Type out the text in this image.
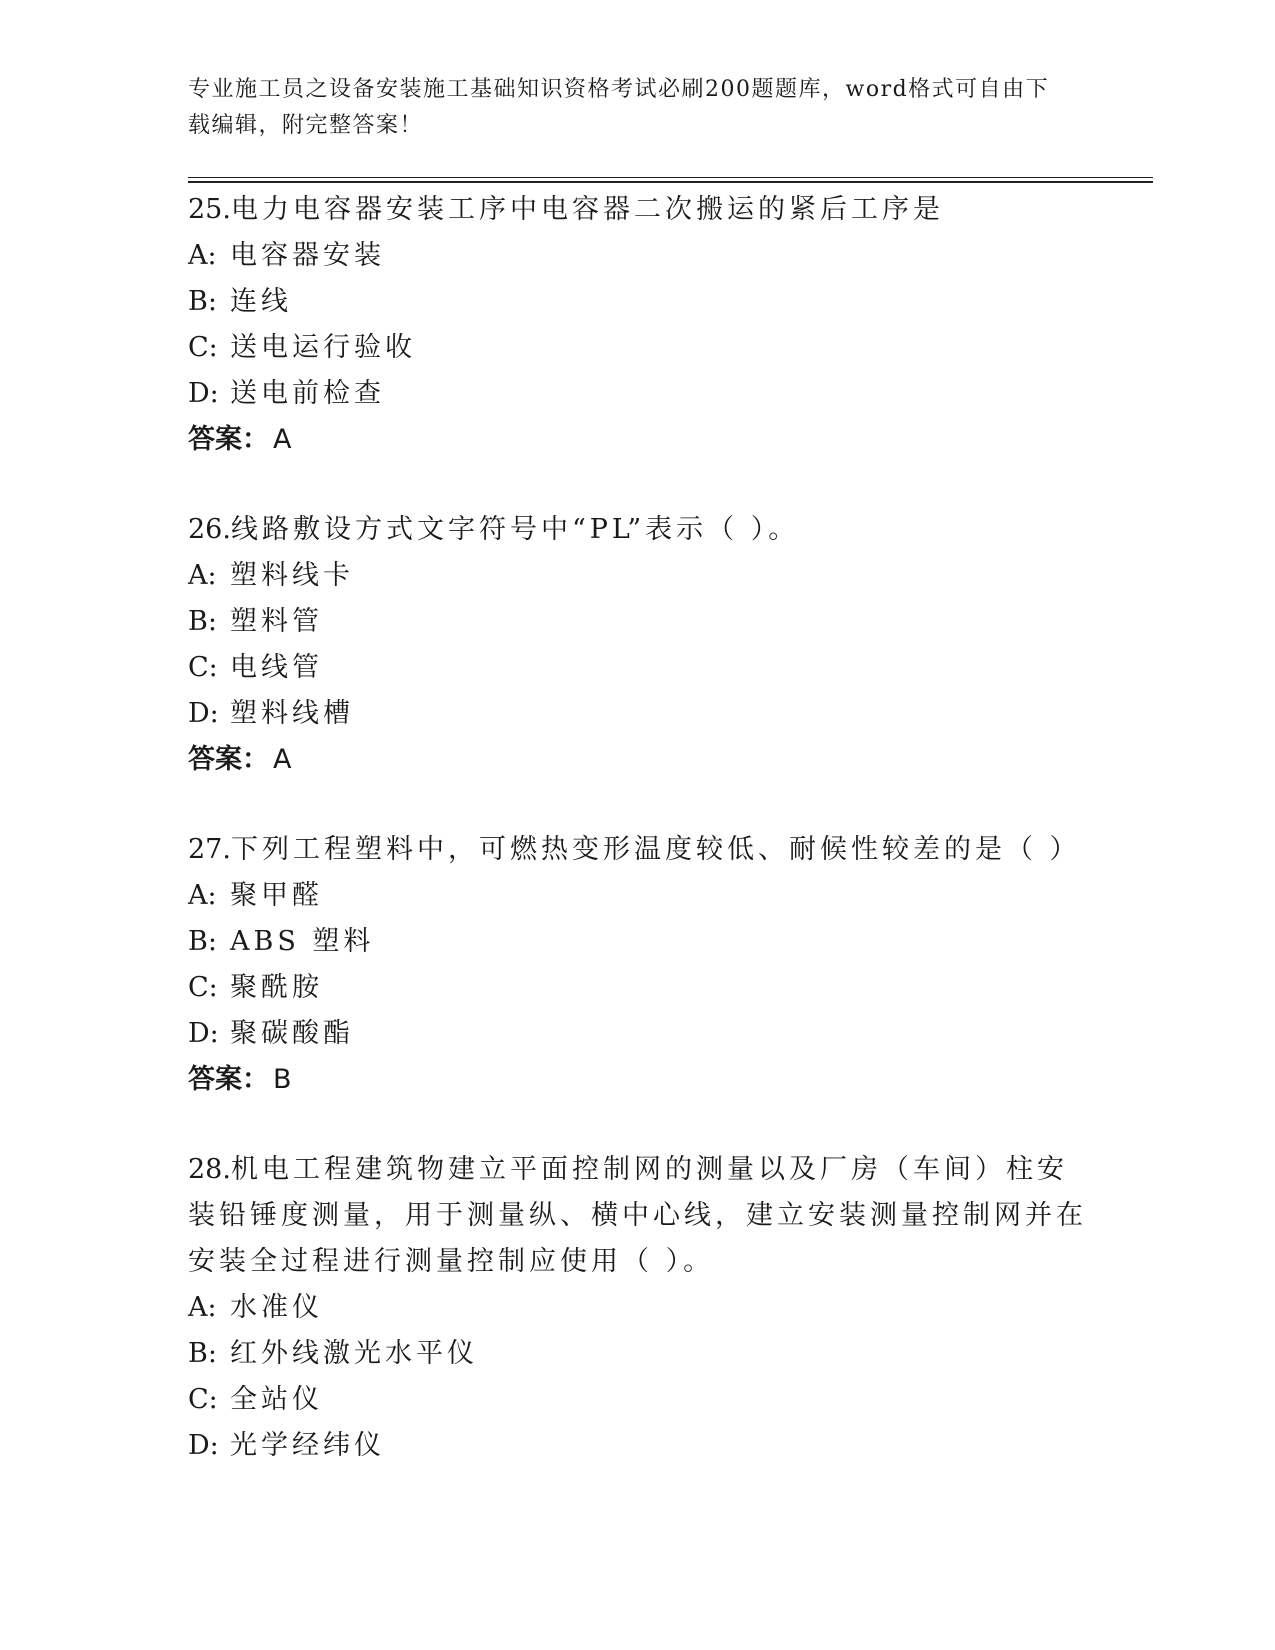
专业施工员之设备安装施工基础知识资格考试必刷200题题库，word格式可自由下载编辑，附完整答案！
25.电力电容器安装工序中电容器二次搬运的紧后工序是
A: 电容器安装
B: 连线
C: 送电运行验收
D: 送电前检查
答案： A
26.线路敷设方式文字符号中“PL”表示（ ）。
A: 塑料线卡
B: 塑料管
C: 电线管
D: 塑料线槽
答案： A
27.下列工程塑料中，可燃热变形温度较低、耐候性较差的是（ ）
A: 聚甲醛
B: ABS 塑料
C: 聚酰胺
D: 聚碳酸酯
答案： B
28.机电工程建筑物建立平面控制网的测量以及厂房（车间）柱安装铅锤度测量，用于测量纵、横中心线，建立安装测量控制网并在安装全过程进行测量控制应使用（ ）。
A: 水准仪
B: 红外线激光水平仪
C: 全站仪
D: 光学经纬仪
